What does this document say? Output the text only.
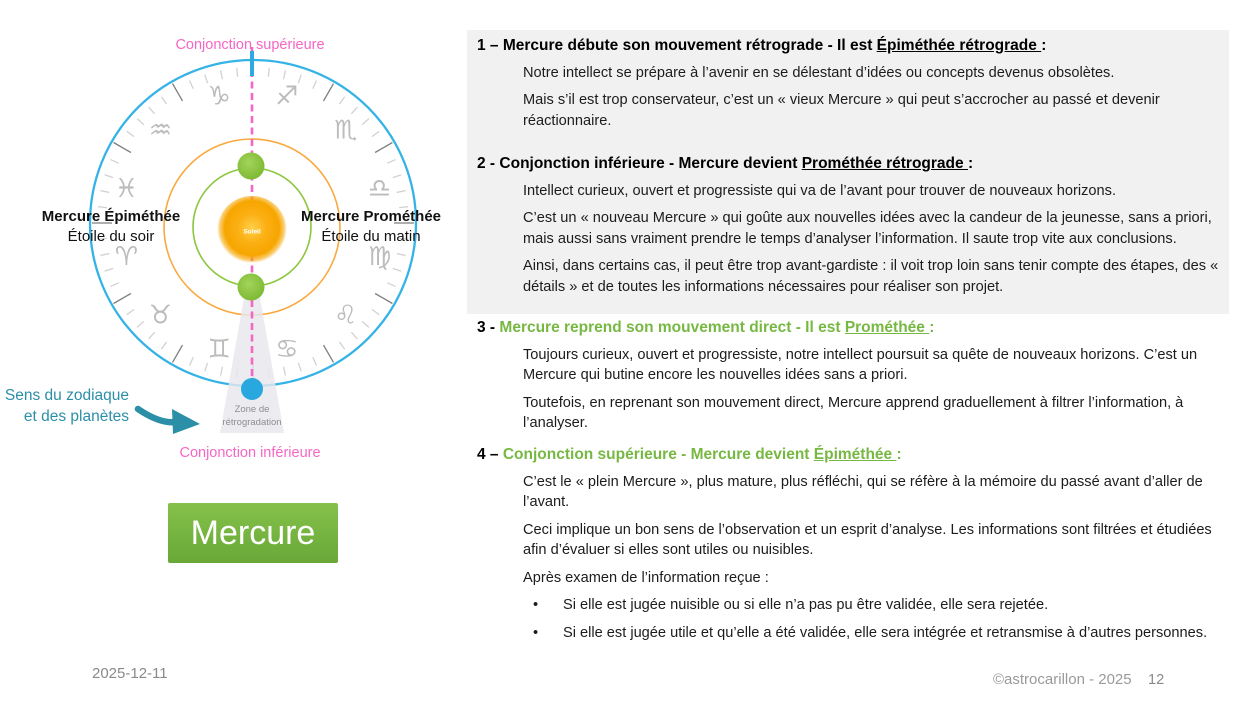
Soleil
♐
♏
♎
♍
♌
♋
♊
♉
♈
♓
♒
♑
Conjonction supérieure
Conjonction inférieure
Mercure Épiméthée
Étoile du soir
Mercure Prométhée
Étoile du matin
Sens du zodiaque
et des planètes	Zone de
rétrogradation
Mercure
1 – Mercure débute son mouvement rétrograde - Il est Épiméthée rétrograde :

Notre intellect se prépare à l’avenir en se délestant d’idées ou concepts devenus obsolètes.

Mais s’il est trop conservateur, c’est un « vieux Mercure » qui peut s’accrocher au passé et devenir réactionnaire.

2 - Conjonction inférieure - Mercure devient Prométhée rétrograde :

Intellect curieux, ouvert et progressiste qui va de l’avant pour trouver de nouveaux horizons.

C’est un « nouveau Mercure » qui goûte aux nouvelles idées avec la candeur de la jeunesse, sans a priori, mais aussi sans vraiment prendre le temps d’analyser l’information. Il saute trop vite aux conclusions.

Ainsi, dans certains cas, il peut être trop avant-gardiste : il voit trop loin sans tenir compte des étapes, des « détails » et de toutes les informations nécessaires pour réaliser son projet.

3 - Mercure reprend son mouvement direct - Il est Prométhée :

Toujours curieux, ouvert et progressiste, notre intellect poursuit sa quête de nouveaux horizons. C’est un Mercure qui butine encore les nouvelles idées sans a priori.

Toutefois, en reprenant son mouvement direct, Mercure apprend graduellement à filtrer l’information, à l’analyser.

4 – Conjonction supérieure - Mercure devient Épiméthée :

C’est le « plein Mercure », plus mature, plus réfléchi, qui se réfère à la mémoire du passé avant d’aller de l’avant.

Ceci implique un bon sens de l’observation et un esprit d’analyse. Les informations sont filtrées et étudiées afin d’évaluer si elles sont utiles ou nuisibles.

Après examen de l’information reçue :

•	Si elle est jugée nuisible ou si elle n’a pas pu être validée, elle sera rejetée.
•	Si elle est jugée utile et qu’elle a été validée, elle sera intégrée et retransmise à d’autres personnes.
2025-12-11	©astrocarillon - 2025 12
